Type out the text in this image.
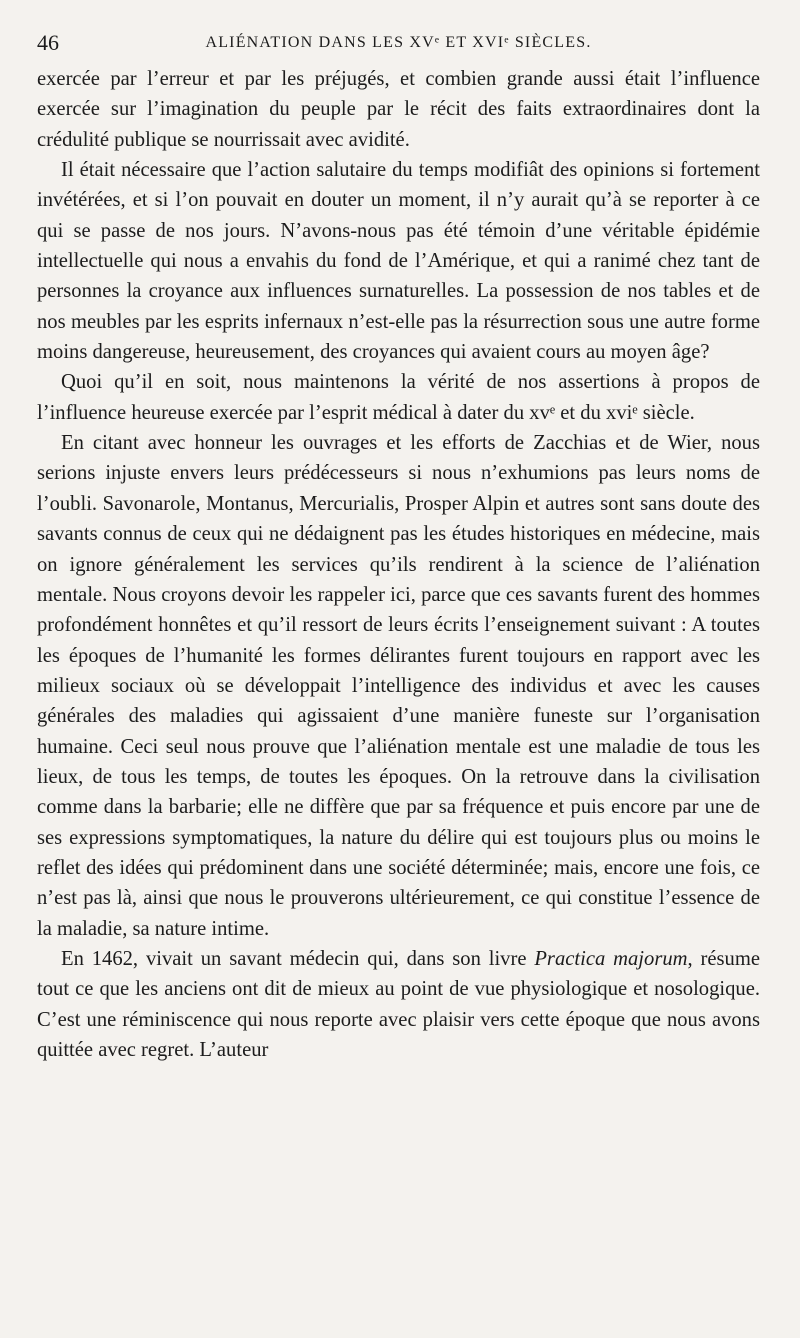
46	ALIÉNATION DANS LES XVᵉ ET XVIᵉ SIÈCLES.

exercée par l’erreur et par les préjugés, et combien grande aussi était l’influence exercée sur l’imagination du peuple par le récit des faits extraordinaires dont la crédulité publique se nourrissait avec avidité.

Il était nécessaire que l’action salutaire du temps modifiât des opinions si fortement invétérées, et si l’on pouvait en douter un moment, il n’y aurait qu’à se reporter à ce qui se passe de nos jours. N’avons-nous pas été témoin d’une véritable épidémie intellectuelle qui nous a envahis du fond de l’Amérique, et qui a ranimé chez tant de personnes la croyance aux influences surnaturelles. La possession de nos tables et de nos meubles par les esprits infernaux n’est-elle pas la résurrection sous une autre forme moins dangereuse, heureusement, des croyances qui avaient cours au moyen âge?

Quoi qu’il en soit, nous maintenons la vérité de nos assertions à propos de l’influence heureuse exercée par l’esprit médical à dater du xvᵉ et du xviᵉ siècle.

En citant avec honneur les ouvrages et les efforts de Zacchias et de Wier, nous serions injuste envers leurs prédécesseurs si nous n’exhumions pas leurs noms de l’oubli. Savonarole, Montanus, Mercurialis, Prosper Alpin et autres sont sans doute des savants connus de ceux qui ne dédaignent pas les études historiques en médecine, mais on ignore généralement les services qu’ils rendirent à la science de l’aliénation mentale. Nous croyons devoir les rappeler ici, parce que ces savants furent des hommes profondément honnêtes et qu’il ressort de leurs écrits l’enseignement suivant : A toutes les époques de l’humanité les formes délirantes furent toujours en rapport avec les milieux sociaux où se développait l’intelligence des individus et avec les causes générales des maladies qui agissaient d’une manière funeste sur l’organisation humaine. Ceci seul nous prouve que l’aliénation mentale est une maladie de tous les lieux, de tous les temps, de toutes les époques. On la retrouve dans la civilisation comme dans la barbarie; elle ne diffère que par sa fréquence et puis encore par une de ses expressions symptomatiques, la nature du délire qui est toujours plus ou moins le reflet des idées qui prédominent dans une société déterminée; mais, encore une fois, ce n’est pas là, ainsi que nous le prouverons ultérieurement, ce qui constitue l’essence de la maladie, sa nature intime.

En 1462, vivait un savant médecin qui, dans son livre Practica majorum, résume tout ce que les anciens ont dit de mieux au point de vue physiologique et nosologique. C’est une réminiscence qui nous reporte avec plaisir vers cette époque que nous avons quittée avec regret. L’auteur
